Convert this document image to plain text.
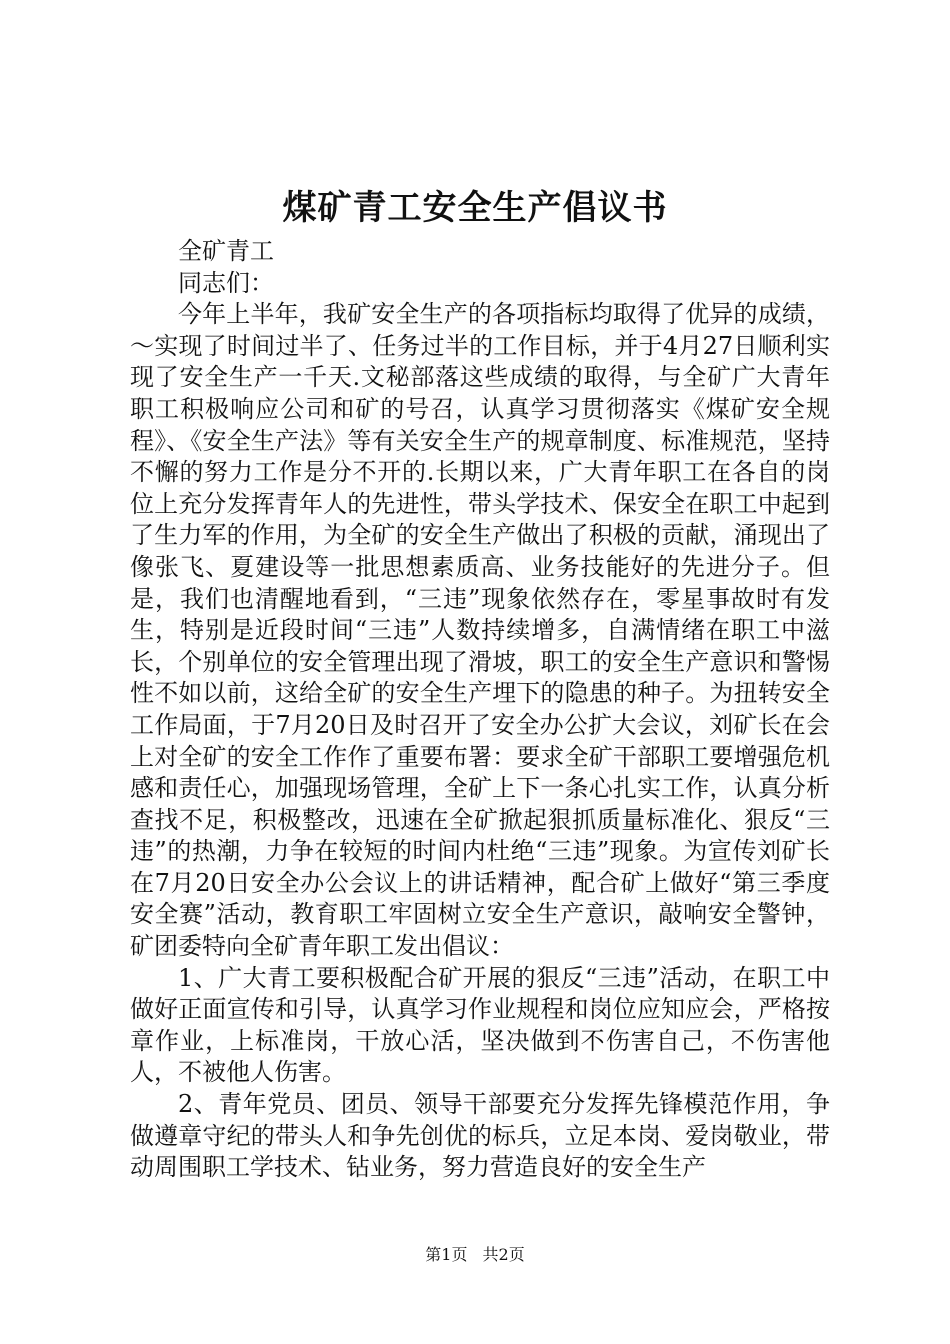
煤矿青工安全生产倡议书

全矿青工

同志们：

今年上半年，我矿安全生产的各项指标均取得了优异的成绩，～实现了时间过半了、任务过半的工作目标，并于4月27日顺利实现了安全生产一千天.文秘部落这些成绩的取得，与全矿广大青年职工积极响应公司和矿的号召，认真学习贯彻落实《煤矿安全规程》、《安全生产法》等有关安全生产的规章制度、标准规范，坚持不懈的努力工作是分不开的.长期以来，广大青年职工在各自的岗位上充分发挥青年人的先进性，带头学技术、保安全在职工中起到了生力军的作用，为全矿的安全生产做出了积极的贡献，涌现出了像张飞、夏建设等一批思想素质高、业务技能好的先进分子。但是，我们也清醒地看到，“三违”现象依然存在，零星事故时有发生，特别是近段时间“三违”人数持续增多，自满情绪在职工中滋长，个别单位的安全管理出现了滑坡，职工的安全生产意识和警惕性不如以前，这给全矿的安全生产埋下的隐患的种子。为扭转安全工作局面，于7月20日及时召开了安全办公扩大会议，刘矿长在会上对全矿的安全工作作了重要布署：要求全矿干部职工要增强危机感和责任心，加强现场管理，全矿上下一条心扎实工作，认真分析查找不足，积极整改，迅速在全矿掀起狠抓质量标准化、狠反“三违”的热潮，力争在较短的时间内杜绝“三违”现象。为宣传刘矿长在7月20日安全办公会议上的讲话精神，配合矿上做好“第三季度安全赛”活动，教育职工牢固树立安全生产意识，敲响安全警钟，矿团委特向全矿青年职工发出倡议：

1、广大青工要积极配合矿开展的狠反“三违”活动，在职工中做好正面宣传和引导，认真学习作业规程和岗位应知应会，严格按章作业，上标准岗，干放心活，坚决做到不伤害自己，不伤害他人，不被他人伤害。

2、青年党员、团员、领导干部要充分发挥先锋模范作用，争做遵章守纪的带头人和争先创优的标兵，立足本岗、爱岗敬业，带动周围职工学技术、钻业务，努力营造良好的安全生产

第1页 共2页
